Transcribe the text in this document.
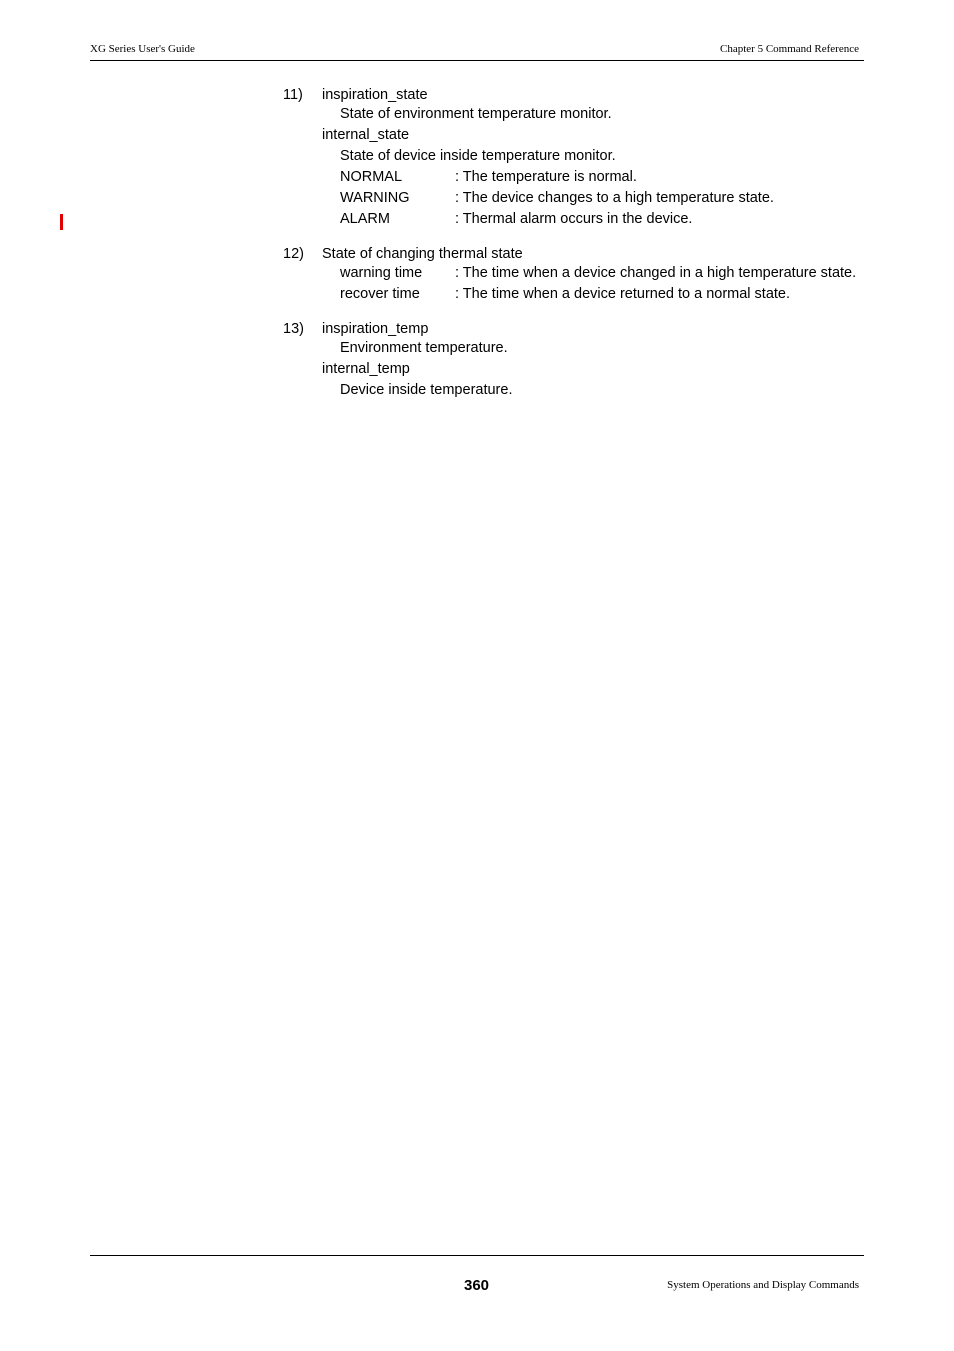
XG Series User's Guide	Chapter 5 Command Reference
11) inspiration_state
State of environment temperature monitor.
internal_state
State of device inside temperature monitor.
NORMAL	: The temperature is normal.
WARNING	: The device changes to a high temperature state.
ALARM	: Thermal alarm occurs in the device.
12) State of changing thermal state
warning time : The time when a device changed in a high temperature state.
recover time : The time when a device returned to a normal state.
13) inspiration_temp
Environment temperature.
internal_temp
Device inside temperature.
360	System Operations and Display Commands
